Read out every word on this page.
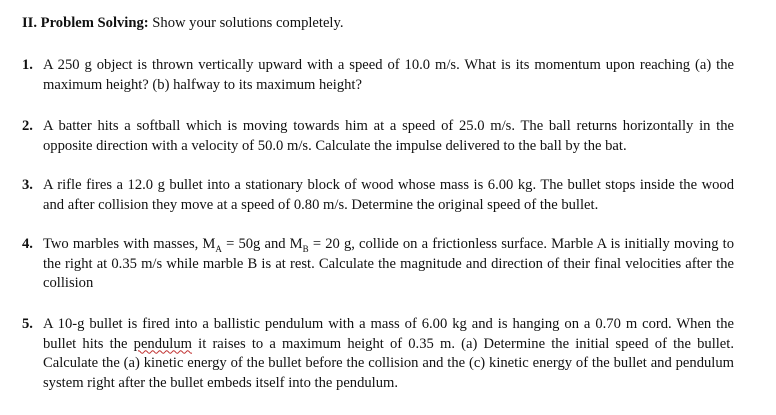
II. Problem Solving: Show your solutions completely.
1. A 250 g object is thrown vertically upward with a speed of 10.0 m/s. What is its momentum upon reaching (a) the maximum height? (b) halfway to its maximum height?
2. A batter hits a softball which is moving towards him at a speed of 25.0 m/s. The ball returns horizontally in the opposite direction with a velocity of 50.0 m/s. Calculate the impulse delivered to the ball by the bat.
3. A rifle fires a 12.0 g bullet into a stationary block of wood whose mass is 6.00 kg. The bullet stops inside the wood and after collision they move at a speed of 0.80 m/s. Determine the original speed of the bullet.
4. Two marbles with masses, $M_A = 50g$ and $M_B = 20$ g, collide on a frictionless surface. Marble A is initially moving to the right at 0.35 m/s while marble B is at rest. Calculate the magnitude and direction of their final velocities after the collision
5. A 10-g bullet is fired into a ballistic pendulum with a mass of 6.00 kg and is hanging on a 0.70 m cord. When the bullet hits the pendulum it raises to a maximum height of 0.35 m. (a) Determine the initial speed of the bullet. Calculate the (a) kinetic energy of the bullet before the collision and the (c) kinetic energy of the bullet and pendulum system right after the bullet embeds itself into the pendulum.
